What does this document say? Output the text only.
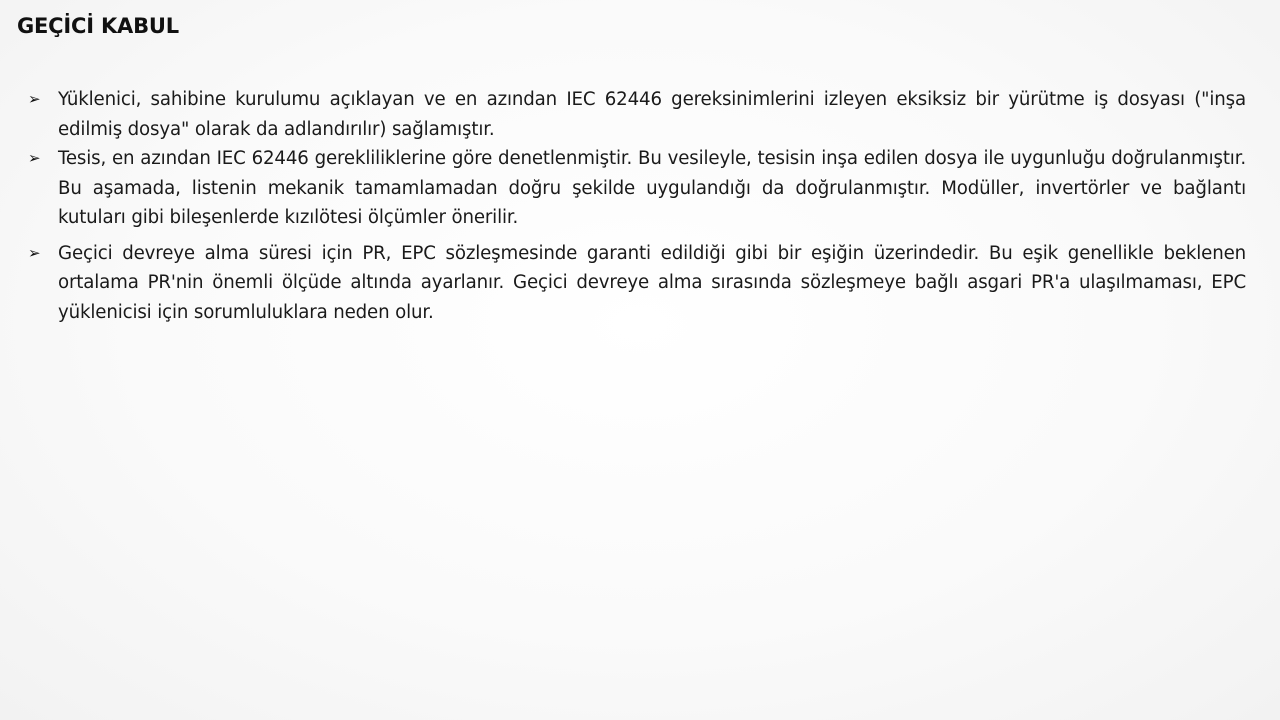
GEÇİCİ KABUL
➢ Yüklenici, sahibine kurulumu açıklayan ve en azından IEC 62446 gereksinimlerini izleyen eksiksiz bir yürütme iş dosyası ("inşa edilmiş dosya" olarak da adlandırılır) sağlamıştır.
➢ Tesis, en azından IEC 62446 gerekliliklerine göre denetlenmiştir. Bu vesileyle, tesisin inşa edilen dosya ile uygunluğu doğrulanmıştır. Bu aşamada, listenin mekanik tamamlamadan doğru şekilde uygulandığı da doğrulanmıştır. Modüller, invertörler ve bağlantı kutuları gibi bileşenlerde kızılötesi ölçümler önerilir.
➢ Geçici devreye alma süresi için PR, EPC sözleşmesinde garanti edildiği gibi bir eşiğin üzerindedir. Bu eşik genellikle beklenen ortalama PR'nin önemli ölçüde altında ayarlanır. Geçici devreye alma sırasında sözleşmeye bağlı asgari PR'a ulaşılmaması, EPC yüklenicisi için sorumluluklara neden olur.
